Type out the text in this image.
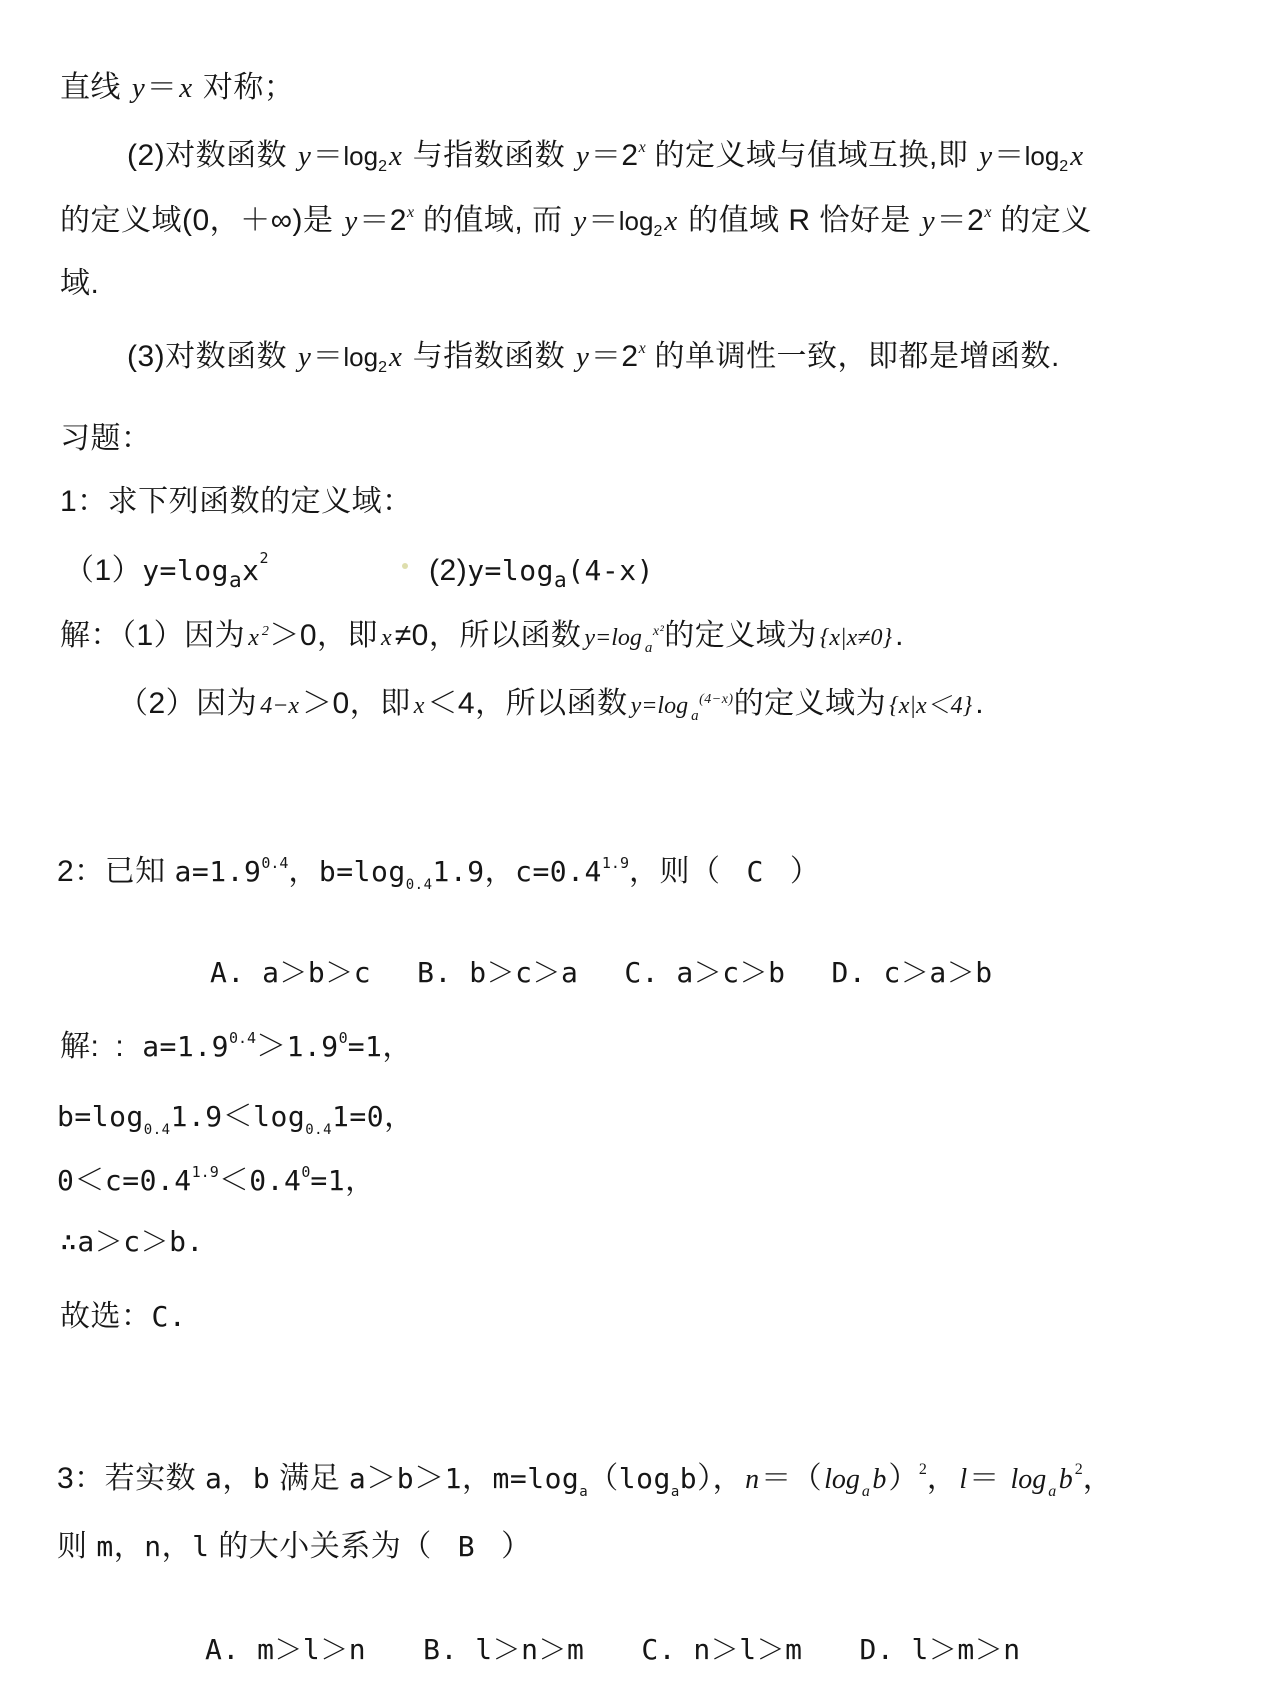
直线 y＝x 对称；
(2)对数函数 $y=\log_2x$ 与指数函数 $y=2^x$ 的定义域与值域互换,即 $y=\log_2x$
的定义域(0，＋∞)是 $y=2^x$ 的值域, 而 $y=\log_2x$ 的值域 R 恰好是 $y=2^x$ 的定义
域.
(3)对数函数 $y=\log_2x$ 与指数函数 $y=2^x$ 的单调性一致，即都是增函数.
习题：
1：求下列函数的定义域：
$(1)y=\log_ax^2$	$(2)y=\log_a(4-x)$
解：（1）因为 x $^2$＞0，即 x ≠0，所以函数 y=log $_a^{x^2}$的定义域为 {x|x≠0} .
（2）因为 4−x ＞0，即 x ＜4，所以函数 y=log $_a^{(4-x)}$的定义域为 {x|x＜4} .
2：已知 $a=1.9^{0.4}$，$b=\log_{0.4}1.9$，$c=0.4^{1.9}$，则（ C ）
A. a＞b＞c B. b＞c＞a C. a＞c＞b D. c＞a＞b
解: : $a=1.9^{0.4}>1.9^0=1$，
$b=\log_{0.4}1.9<\log_{0.4}1=0$，
$0<c=0.4^{1.9}<0.4^0=1$，
∴a＞c＞b.
故选：C.
3：若实数 a，b 满足 a＞b＞1，$m=\log_a(\log_ab)$，n＝（log $_a$b）$^2$，l＝ log $_a$b $^2$，
则 m，n，l 的大小关系为（ B ）
A. m＞l＞n B. l＞n＞m C. n＞l＞m D. l＞m＞n
